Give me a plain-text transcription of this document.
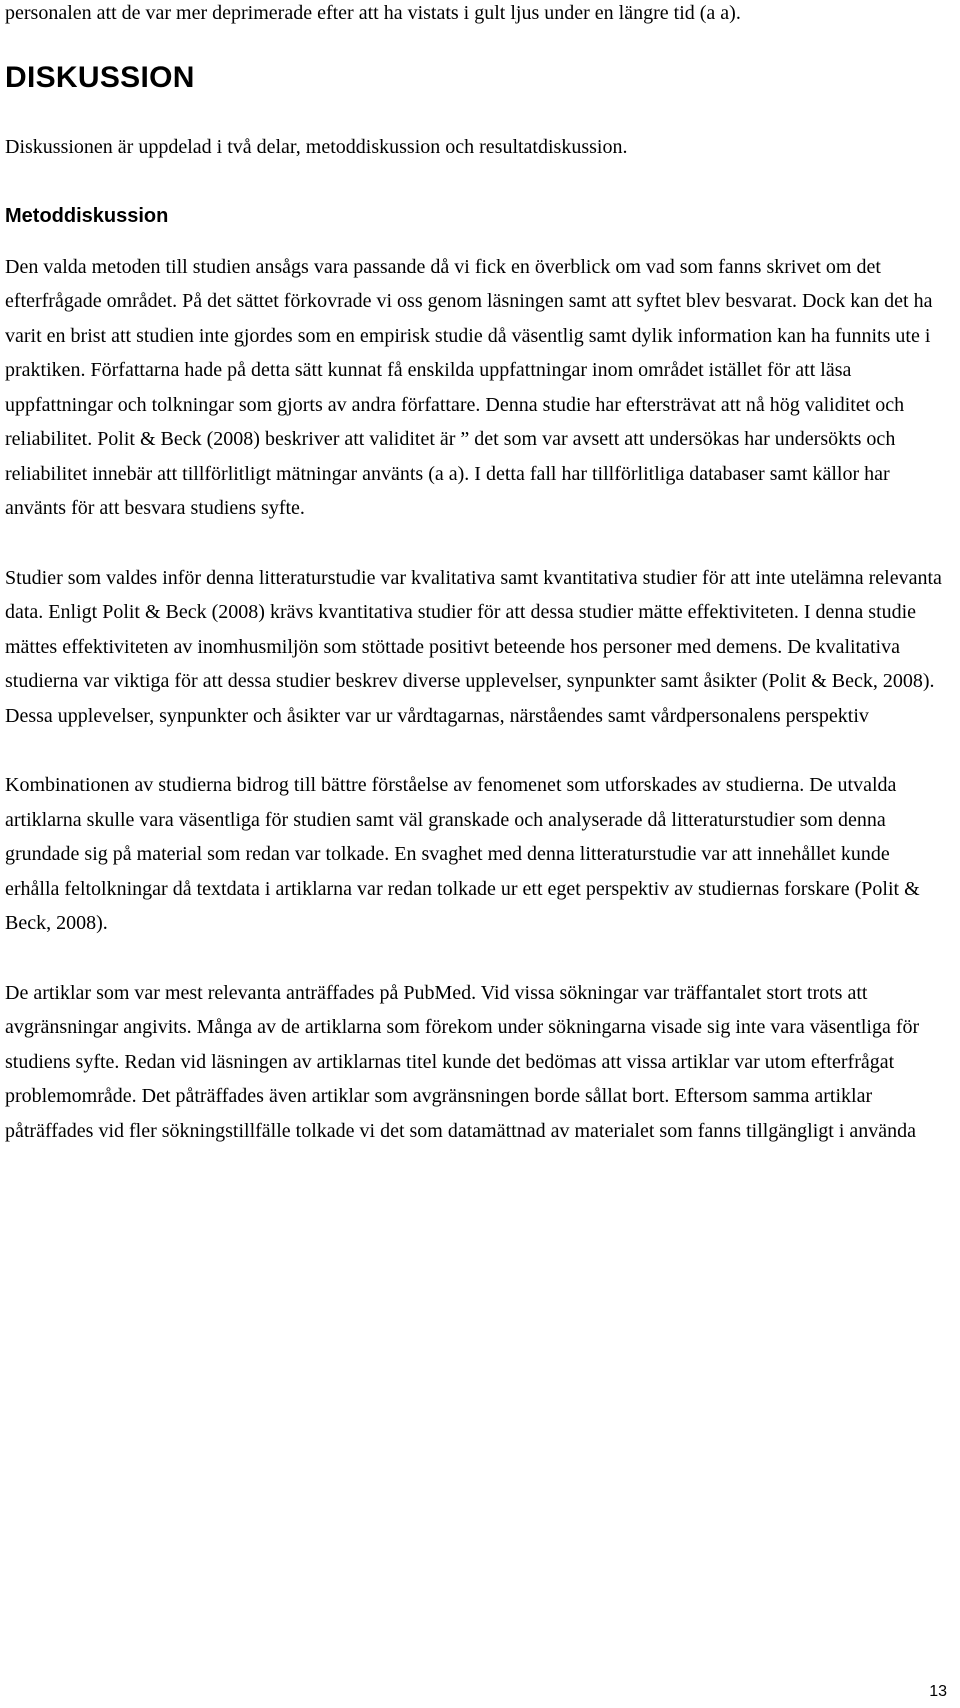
personalen att de var mer deprimerade efter att ha vistats i gult ljus under en längre tid (a a).

DISKUSSION

Diskussionen är uppdelad i två delar, metoddiskussion och resultatdiskussion.

Metoddiskussion

Den valda metoden till studien ansågs vara passande då vi fick en överblick om vad som fanns skrivet om det efterfrågade området. På det sättet förkovrade vi oss genom läsningen samt att syftet blev besvarat. Dock kan det ha varit en brist att studien inte gjordes som en empirisk studie då väsentlig samt dylik information kan ha funnits ute i praktiken. Författarna hade på detta sätt kunnat få enskilda uppfattningar inom området istället för att läsa uppfattningar och tolkningar som gjorts av andra författare. Denna studie har eftersträvat att nå hög validitet och reliabilitet. Polit & Beck (2008) beskriver att validitet är ” det som var avsett att undersökas har undersökts och reliabilitet innebär att tillförlitligt mätningar använts (a a). I detta fall har tillförlitliga databaser samt källor har använts för att besvara studiens syfte.

Studier som valdes inför denna litteraturstudie var kvalitativa samt kvantitativa studier för att inte utelämna relevanta data. Enligt Polit & Beck (2008) krävs kvantitativa studier för att dessa studier mätte effektiviteten. I denna studie mättes effektiviteten av inomhusmiljön som stöttade positivt beteende hos personer med demens. De kvalitativa studierna var viktiga för att dessa studier beskrev diverse upplevelser, synpunkter samt åsikter (Polit & Beck, 2008). Dessa upplevelser, synpunkter och åsikter var ur vårdtagarnas, närståendes samt vårdpersonalens perspektiv

Kombinationen av studierna bidrog till bättre förståelse av fenomenet som utforskades av studierna. De utvalda artiklarna skulle vara väsentliga för studien samt väl granskade och analyserade då litteraturstudier som denna grundade sig på material som redan var tolkade. En svaghet med denna litteraturstudie var att innehållet kunde erhålla feltolkningar då textdata i artiklarna var redan tolkade ur ett eget perspektiv av studiernas forskare (Polit & Beck, 2008).

De artiklar som var mest relevanta anträffades på PubMed. Vid vissa sökningar var träffantalet stort trots att avgränsningar angivits. Många av de artiklarna som förekom under sökningarna visade sig inte vara väsentliga för studiens syfte. Redan vid läsningen av artiklarnas titel kunde det bedömas att vissa artiklar var utom efterfrågat problemområde. Det påträffades även artiklar som avgränsningen borde sållat bort. Eftersom samma artiklar påträffades vid fler sökningstillfälle tolkade vi det som datamättnad av materialet som fanns tillgängligt i använda

13
